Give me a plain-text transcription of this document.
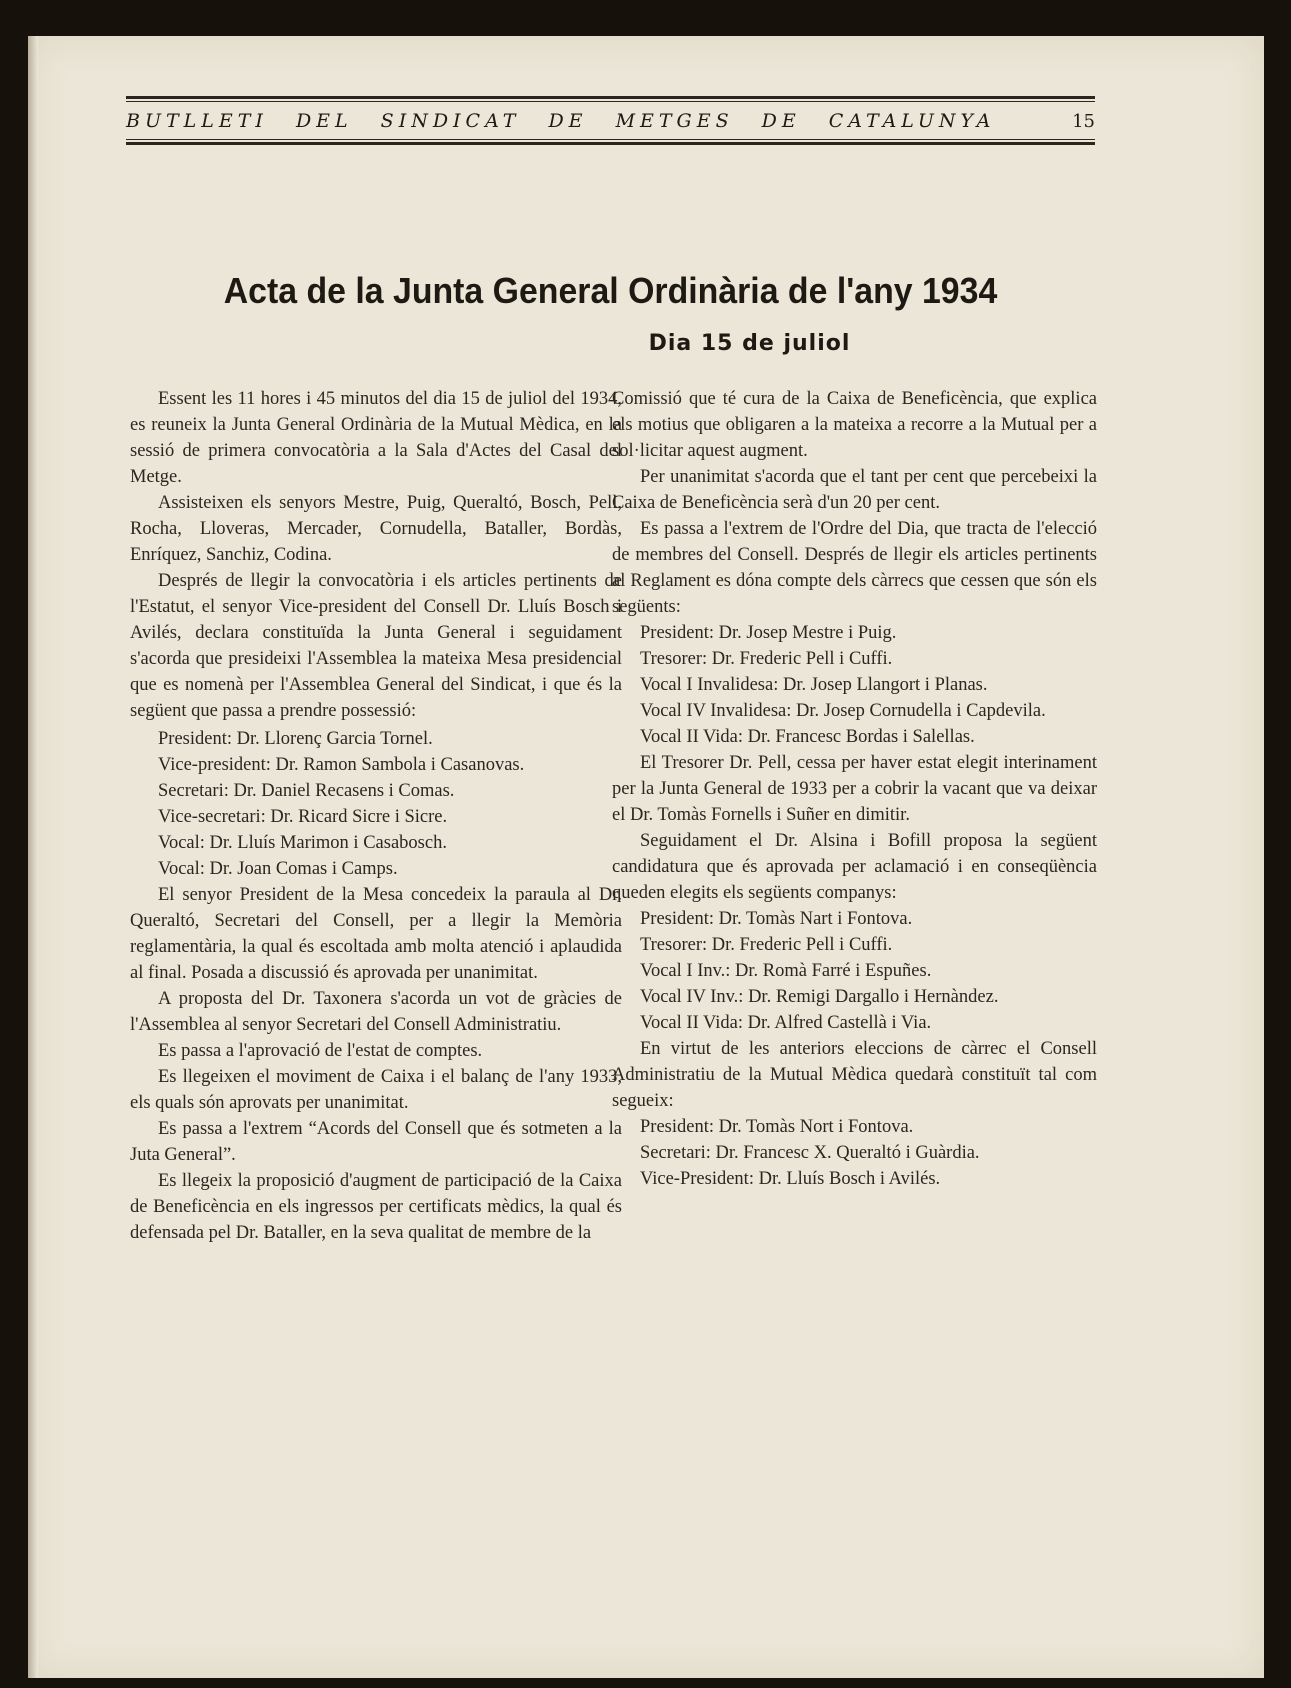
BUTLLETI DEL SINDICAT DE METGES DE CATALUNYA	15
Acta de la Junta General Ordinària de l'any 1934
Dia 15 de juliol

Essent les 11 hores i 45 minutos del dia 15 de juliol del 1934, es reuneix la Junta General Ordinària de la Mutual Mèdica, en la sessió de primera convocatòria a la Sala d'Actes del Casal del Metge.

Assisteixen els senyors Mestre, Puig, Queraltó, Bosch, Pell, Rocha, Lloveras, Mercader, Cornudella, Bataller, Bordàs, Enríquez, Sanchiz, Codina.

Després de llegir la convocatòria i els articles pertinents de l'Estatut, el senyor Vice-president del Consell Dr. Lluís Bosch i Avilés, declara constituïda la Junta General i seguidament s'acorda que presideixi l'Assemblea la mateixa Mesa presidencial que es nomenà per l'Assemblea General del Sindicat, i que és la següent que passa a prendre possessió:

President: Dr. Llorenç Garcia Tornel.

Vice-president: Dr. Ramon Sambola i Casanovas.

Secretari: Dr. Daniel Recasens i Comas.

Vice-secretari: Dr. Ricard Sicre i Sicre.

Vocal: Dr. Lluís Marimon i Casabosch.

Vocal: Dr. Joan Comas i Camps.

El senyor President de la Mesa concedeix la paraula al Dr. Queraltó, Secretari del Consell, per a llegir la Memòria reglamentària, la qual és escoltada amb molta atenció i aplaudida al final. Posada a discussió és aprovada per unanimitat.

A proposta del Dr. Taxonera s'acorda un vot de gràcies de l'Assemblea al senyor Secretari del Consell Administratiu.

Es passa a l'aprovació de l'estat de comptes.

Es llegeixen el moviment de Caixa i el balanç de l'any 1933, els quals són aprovats per unanimitat.

Es passa a l'extrem “Acords del Consell que és sotmeten a la Juta General”.

Es llegeix la proposició d'augment de participació de la Caixa de Beneficència en els ingressos per certificats mèdics, la qual és defensada pel Dr. Bataller, en la seva qualitat de membre de la

Comissió que té cura de la Caixa de Beneficència, que explica els motius que obligaren a la mateixa a recorre a la Mutual per a sol·licitar aquest augment.

Per unanimitat s'acorda que el tant per cent que percebeixi la Caixa de Beneficència serà d'un 20 per cent.

Es passa a l'extrem de l'Ordre del Dia, que tracta de l'elecció de membres del Consell. Després de llegir els articles pertinents al Reglament es dóna compte dels càrrecs que cessen que són els següents:

President: Dr. Josep Mestre i Puig.

Tresorer: Dr. Frederic Pell i Cuffi.

Vocal I Invalidesa: Dr. Josep Llangort i Planas.

Vocal IV Invalidesa: Dr. Josep Cornudella i Capdevila.

Vocal II Vida: Dr. Francesc Bordas i Salellas.

El Tresorer Dr. Pell, cessa per haver estat elegit interinament per la Junta General de 1933 per a cobrir la vacant que va deixar el Dr. Tomàs Fornells i Suñer en dimitir.

Seguidament el Dr. Alsina i Bofill proposa la següent candidatura que és aprovada per aclamació i en conseqüència queden elegits els següents companys:

President: Dr. Tomàs Nart i Fontova.

Tresorer: Dr. Frederic Pell i Cuffi.

Vocal I Inv.: Dr. Romà Farré i Espuñes.

Vocal IV Inv.: Dr. Remigi Dargallo i Hernàndez.

Vocal II Vida: Dr. Alfred Castellà i Via.

En virtut de les anteriors eleccions de càrrec el Consell Administratiu de la Mutual Mèdica quedarà constituït tal com segueix:

President: Dr. Tomàs Nort i Fontova.

Secretari: Dr. Francesc X. Queraltó i Guàrdia.

Vice-President: Dr. Lluís Bosch i Avilés.
